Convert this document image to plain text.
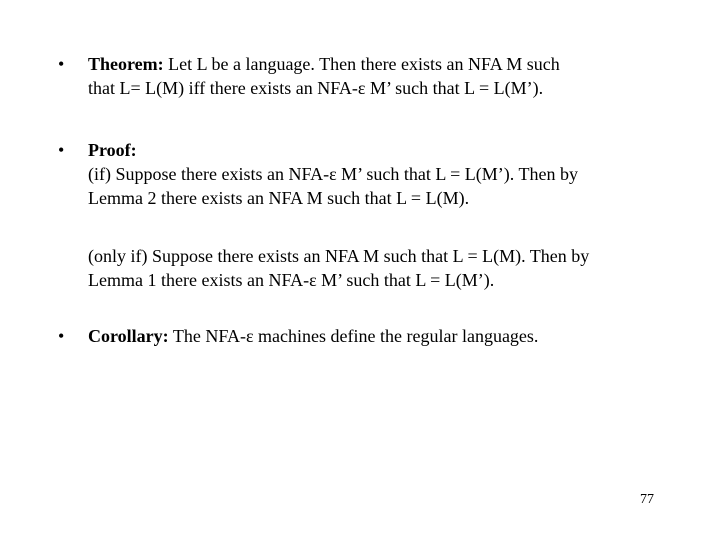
•	Theorem: Let L be a language. Then there exists an NFA M such
that L= L(M) iff there exists an NFA-ε M’ such that L = L(M’).
•	Proof:
(if) Suppose there exists an NFA-ε M’ such that L = L(M’). Then by
Lemma 2 there exists an NFA M such that L = L(M).
(only if) Suppose there exists an NFA M such that L = L(M). Then by
Lemma 1 there exists an NFA-ε M’ such that L = L(M’).
•	Corollary: The NFA-ε machines define the regular languages.
77
